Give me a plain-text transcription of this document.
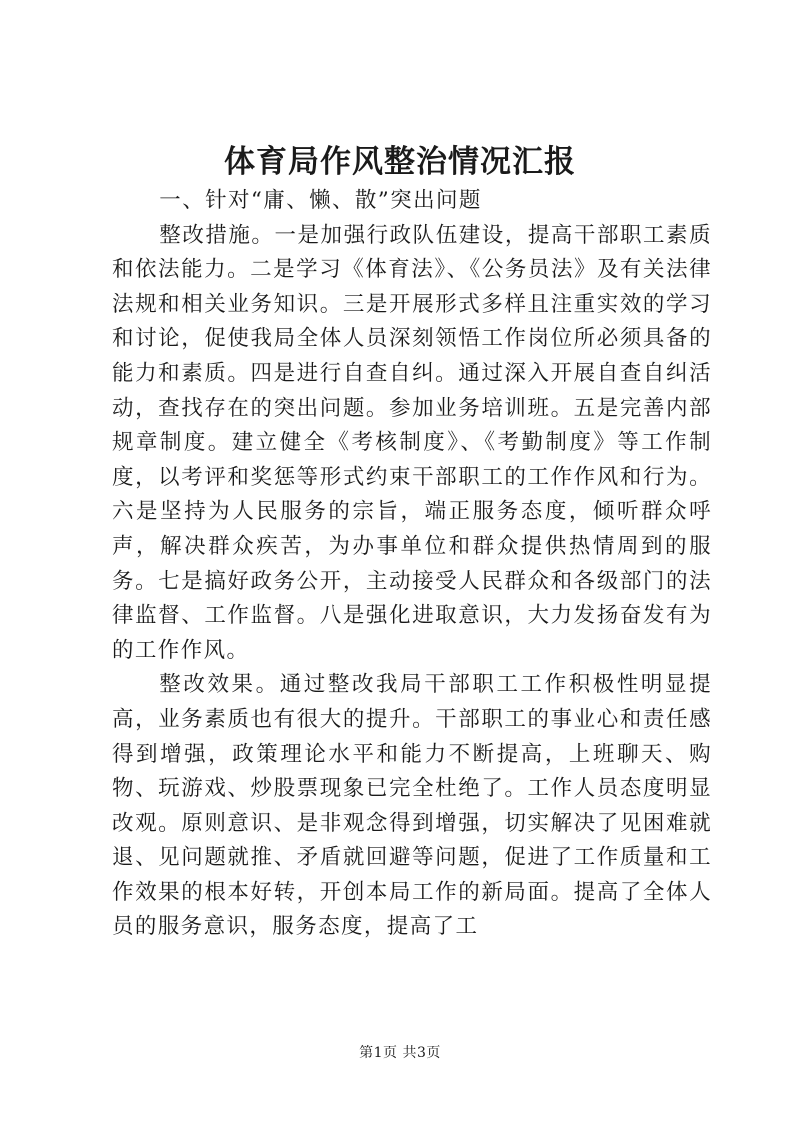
体育局作风整治情况汇报

一、针对“庸、懒、散”突出问题

整改措施。一是加强行政队伍建设，提高干部职工素质和依法能力。二是学习《体育法》、《公务员法》及有关法律法规和相关业务知识。三是开展形式多样且注重实效的学习和讨论，促使我局全体人员深刻领悟工作岗位所必须具备的能力和素质。四是进行自查自纠。通过深入开展自查自纠活动，查找存在的突出问题。参加业务培训班。五是完善内部规章制度。建立健全《考核制度》、《考勤制度》等工作制度，以考评和奖惩等形式约束干部职工的工作作风和行为。六是坚持为人民服务的宗旨，端正服务态度，倾听群众呼声，解决群众疾苦，为办事单位和群众提供热情周到的服务。七是搞好政务公开，主动接受人民群众和各级部门的法律监督、工作监督。八是强化进取意识，大力发扬奋发有为的工作作风。

整改效果。通过整改我局干部职工工作积极性明显提高，业务素质也有很大的提升。干部职工的事业心和责任感得到增强，政策理论水平和能力不断提高，上班聊天、购物、玩游戏、炒股票现象已完全杜绝了。工作人员态度明显改观。原则意识、是非观念得到增强，切实解决了见困难就退、见问题就推、矛盾就回避等问题，促进了工作质量和工作效果的根本好转，开创本局工作的新局面。提高了全体人员的服务意识，服务态度，提高了工

第1页 共3页
